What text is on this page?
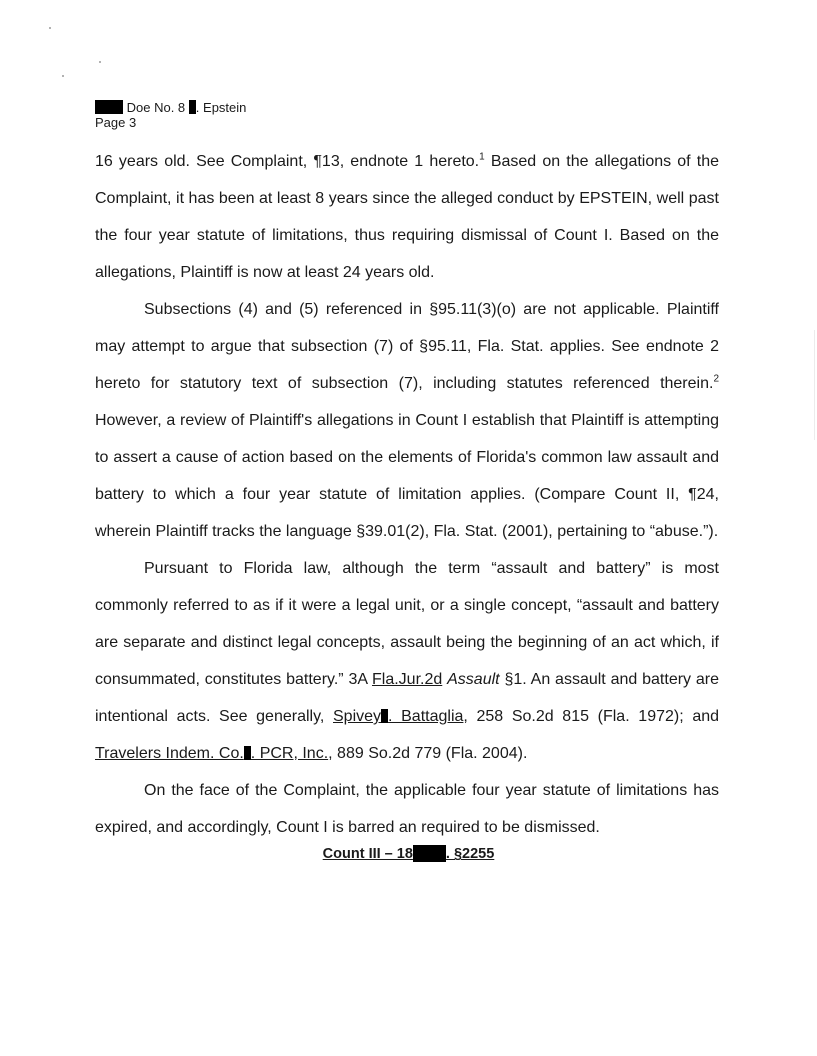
Doe No. 8 . Epstein
Page 3

16 years old. See Complaint, ¶13, endnote 1 hereto.$^1$ Based on the allegations of the Complaint, it has been at least 8 years since the alleged conduct by EPSTEIN, well past the four year statute of limitations, thus requiring dismissal of Count I. Based on the allegations, Plaintiff is now at least 24 years old.

Subsections (4) and (5) referenced in §95.11(3)(o) are not applicable. Plaintiff may attempt to argue that subsection (7) of §95.11, Fla. Stat. applies. See endnote 2 hereto for statutory text of subsection (7), including statutes referenced therein.$^2$ However, a review of Plaintiff's allegations in Count I establish that Plaintiff is attempting to assert a cause of action based on the elements of Florida's common law assault and battery to which a four year statute of limitation applies. (Compare Count II, ¶24, wherein Plaintiff tracks the language §39.01(2), Fla. Stat. (2001), pertaining to “abuse.”).

Pursuant to Florida law, although the term “assault and battery” is most commonly referred to as if it were a legal unit, or a single concept, “assault and battery are separate and distinct legal concepts, assault being the beginning of an act which, if consummated, constitutes battery.” 3A Fla.Jur.2d Assault §1. An assault and battery are intentional acts. See generally, Spivey . Battaglia, 258 So.2d 815 (Fla. 1972); and Travelers Indem. Co. . PCR, Inc., 889 So.2d 779 (Fla. 2004).

On the face of the Complaint, the applicable four year statute of limitations has expired, and accordingly, Count I is barred an required to be dismissed.

Count III – 18 . §2255
